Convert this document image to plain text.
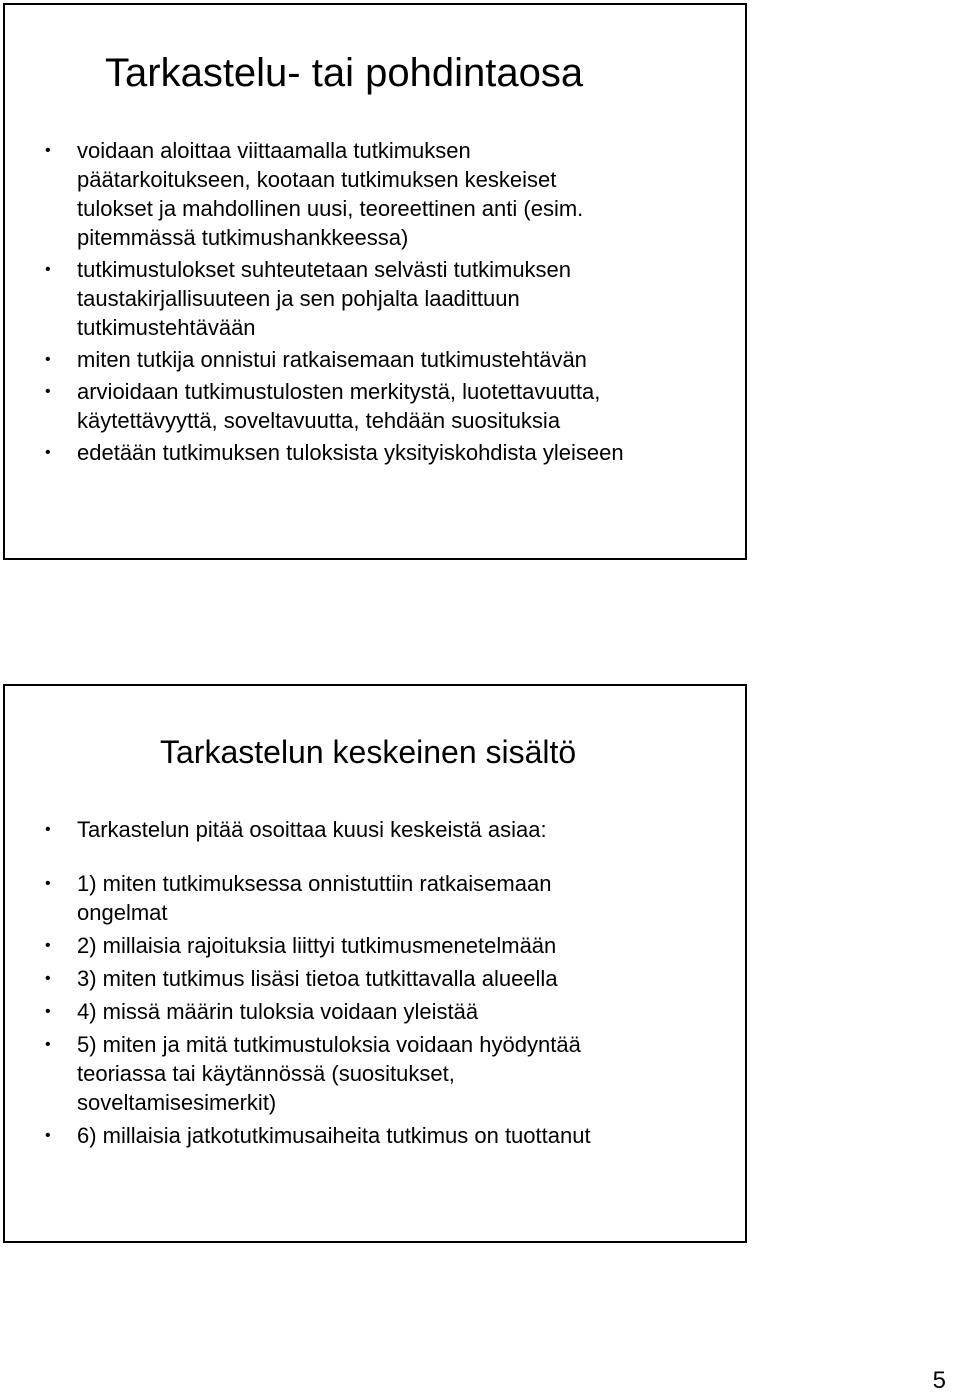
Tarkastelu- tai pohdintaosa
• voidaan aloittaa viittaamalla tutkimuksen
päätarkoitukseen, kootaan tutkimuksen keskeiset
tulokset ja mahdollinen uusi, teoreettinen anti (esim.
pitemmässä tutkimushankkeessa)
• tutkimustulokset suhteutetaan selvästi tutkimuksen
taustakirjallisuuteen ja sen pohjalta laadittuun
tutkimustehtävään
• miten tutkija onnistui ratkaisemaan tutkimustehtävän
• arvioidaan tutkimustulosten merkitystä, luotettavuutta,
käytettävyyttä, soveltavuutta, tehdään suosituksia
• edetään tutkimuksen tuloksista yksityiskohdista yleiseen
Tarkastelun keskeinen sisältö
• Tarkastelun pitää osoittaa kuusi keskeistä asiaa:
• 1) miten tutkimuksessa onnistuttiin ratkaisemaan
ongelmat
• 2) millaisia rajoituksia liittyi tutkimusmenetelmään
• 3) miten tutkimus lisäsi tietoa tutkittavalla alueella
• 4) missä määrin tuloksia voidaan yleistää
• 5) miten ja mitä tutkimustuloksia voidaan hyödyntää
teoriassa tai käytännössä (suositukset,
soveltamisesimerkit)
• 6) millaisia jatkotutkimusaiheita tutkimus on tuottanut
5
